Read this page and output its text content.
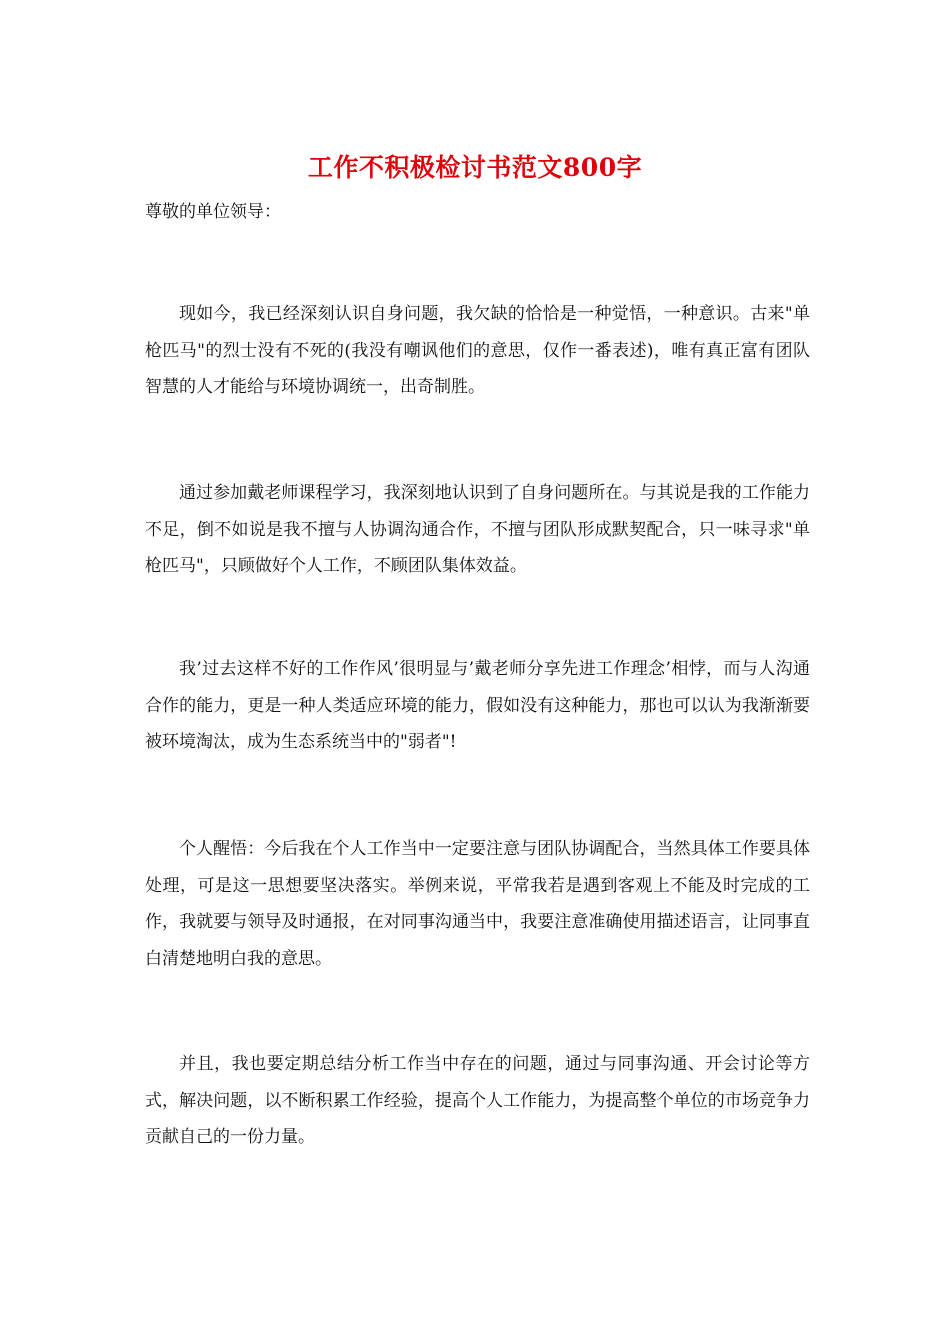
工作不积极检讨书范文800字
尊敬的单位领导：

现如今，我已经深刻认识自身问题，我欠缺的恰恰是一种觉悟，一种意识。古来"单枪匹马"的烈士没有不死的(我没有嘲讽他们的意思，仅作一番表述)，唯有真正富有团队智慧的人才能给与环境协调统一，出奇制胜。

通过参加戴老师课程学习，我深刻地认识到了自身问题所在。与其说是我的工作能力不足，倒不如说是我不擅与人协调沟通合作，不擅与团队形成默契配合，只一味寻求"单枪匹马"，只顾做好个人工作，不顾团队集体效益。

我’过去这样不好的工作作风’很明显与’戴老师分享先进工作理念’相悖，而与人沟通合作的能力，更是一种人类适应环境的能力，假如没有这种能力，那也可以认为我渐渐要被环境淘汰，成为生态系统当中的"弱者"!

个人醒悟：今后我在个人工作当中一定要注意与团队协调配合，当然具体工作要具体处理，可是这一思想要坚决落实。举例来说，平常我若是遇到客观上不能及时完成的工作，我就要与领导及时通报，在对同事沟通当中，我要注意准确使用描述语言，让同事直白清楚地明白我的意思。

并且，我也要定期总结分析工作当中存在的问题，通过与同事沟通、开会讨论等方式，解决问题，以不断积累工作经验，提高个人工作能力，为提高整个单位的市场竞争力贡献自己的一份力量。
